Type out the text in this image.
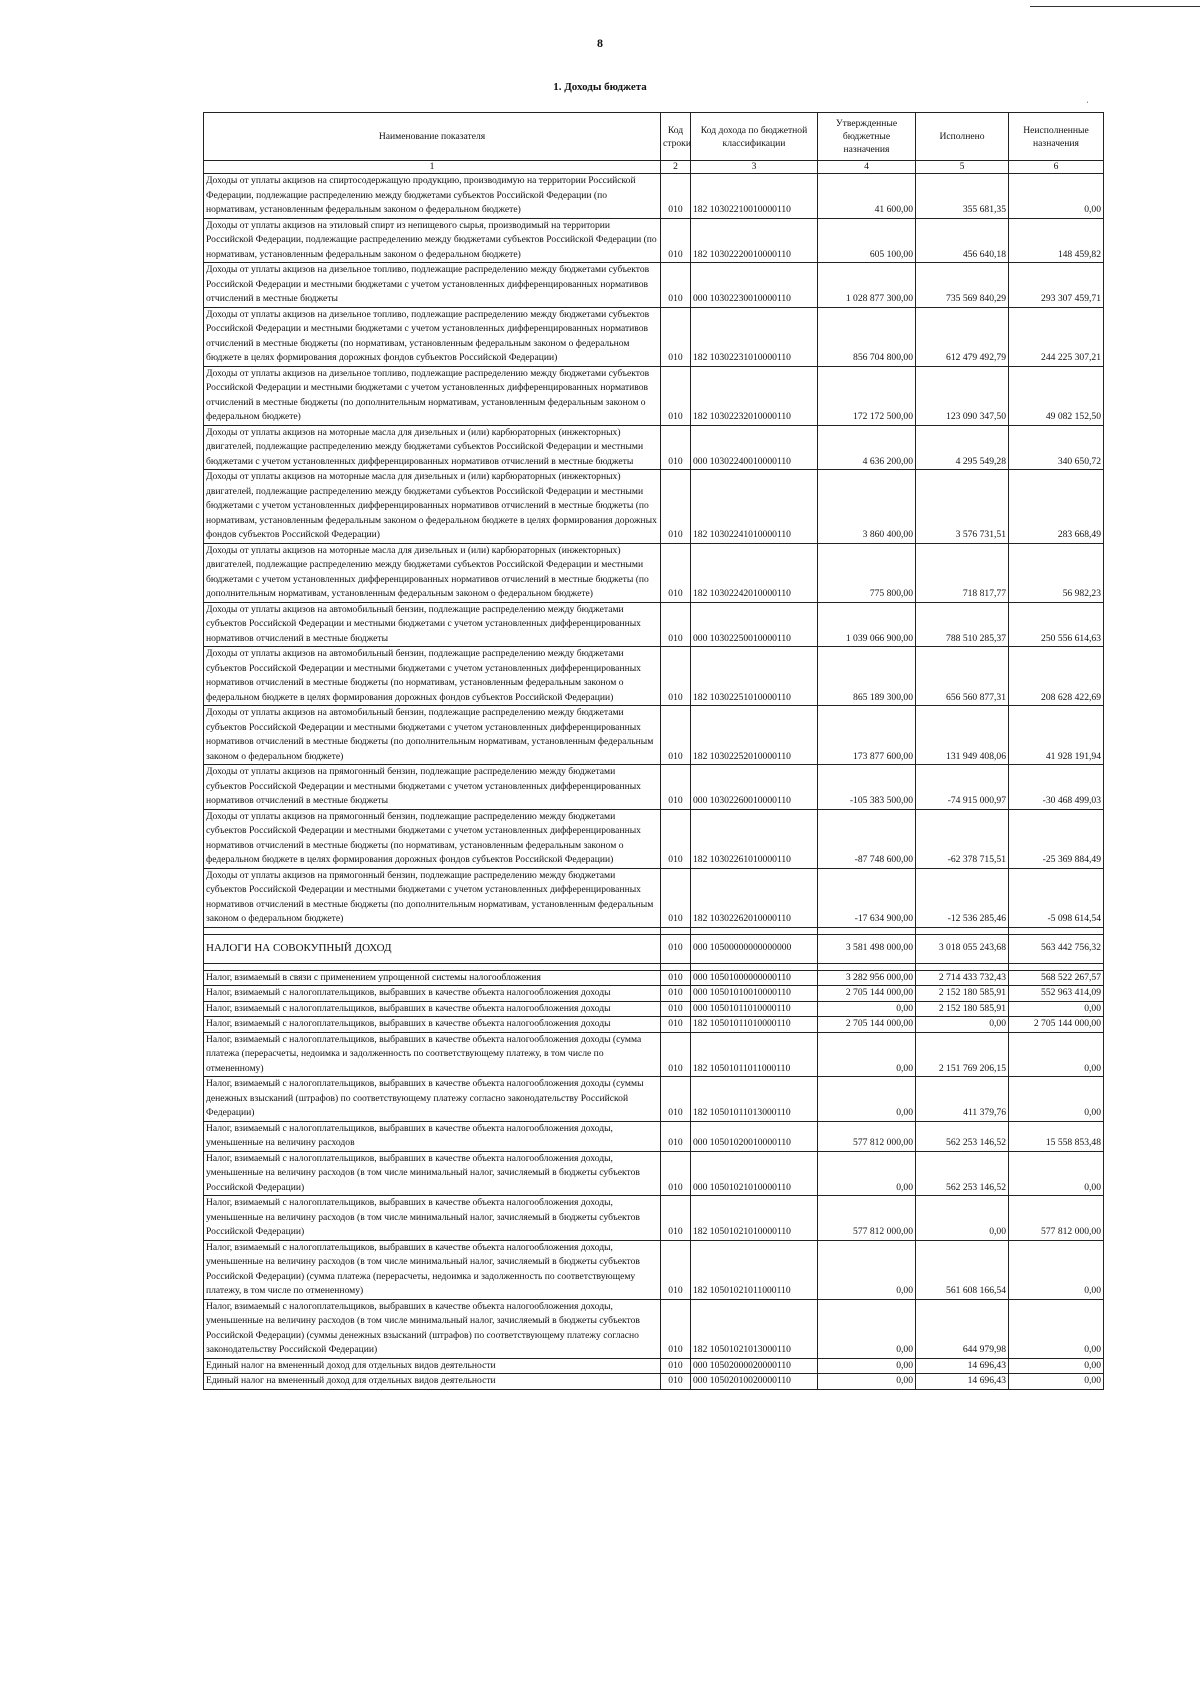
8
1. Доходы бюджета
ˌ
Наименование показателя	Код строки	Код дохода по бюджетной классификации	Утвержденные бюджетные назначения	Исполнено	Неисполненные назначения
1	2	3	4	5	6
Доходы от уплаты акцизов на спиртосодержащую продукцию, производимую на территории Российской Федерации, подлежащие распределению между бюджетами субъектов Российской Федерации (по нормативам, установленным федеральным законом о федеральном бюджете)	010	182 10302210010000110	41 600,00	355 681,35	0,00
Доходы от уплаты акцизов на этиловый спирт из непищевого сырья, производимый на территории Российской Федерации, подлежащие распределению между бюджетами субъектов Российской Федерации (по нормативам, установленным федеральным законом о федеральном бюджете)	010	182 10302220010000110	605 100,00	456 640,18	148 459,82
Доходы от уплаты акцизов на дизельное топливо, подлежащие распределению между бюджетами субъектов Российской Федерации и местными бюджетами с учетом установленных дифференцированных нормативов отчислений в местные бюджеты	010	000 10302230010000110	1 028 877 300,00	735 569 840,29	293 307 459,71
Доходы от уплаты акцизов на дизельное топливо, подлежащие распределению между бюджетами субъектов Российской Федерации и местными бюджетами с учетом установленных дифференцированных нормативов отчислений в местные бюджеты (по нормативам, установленным федеральным законом о федеральном бюджете в целях формирования дорожных фондов субъектов Российской Федерации)	010	182 10302231010000110	856 704 800,00	612 479 492,79	244 225 307,21
Доходы от уплаты акцизов на дизельное топливо, подлежащие распределению между бюджетами субъектов Российской Федерации и местными бюджетами с учетом установленных дифференцированных нормативов отчислений в местные бюджеты (по дополнительным нормативам, установленным федеральным законом о федеральном бюджете)	010	182 10302232010000110	172 172 500,00	123 090 347,50	49 082 152,50
Доходы от уплаты акцизов на моторные масла для дизельных и (или) карбюраторных (инжекторных) двигателей, подлежащие распределению между бюджетами субъектов Российской Федерации и местными бюджетами с учетом установленных дифференцированных нормативов отчислений в местные бюджеты	010	000 10302240010000110	4 636 200,00	4 295 549,28	340 650,72
Доходы от уплаты акцизов на моторные масла для дизельных и (или) карбюраторных (инжекторных) двигателей, подлежащие распределению между бюджетами субъектов Российской Федерации и местными бюджетами с учетом установленных дифференцированных нормативов отчислений в местные бюджеты (по нормативам, установленным федеральным законом о федеральном бюджете в целях формирования дорожных фондов субъектов Российской Федерации)	010	182 10302241010000110	3 860 400,00	3 576 731,51	283 668,49
Доходы от уплаты акцизов на моторные масла для дизельных и (или) карбюраторных (инжекторных) двигателей, подлежащие распределению между бюджетами субъектов Российской Федерации и местными бюджетами с учетом установленных дифференцированных нормативов отчислений в местные бюджеты (по дополнительным нормативам, установленным федеральным законом о федеральном бюджете)	010	182 10302242010000110	775 800,00	718 817,77	56 982,23
Доходы от уплаты акцизов на автомобильный бензин, подлежащие распределению между бюджетами субъектов Российской Федерации и местными бюджетами с учетом установленных дифференцированных нормативов отчислений в местные бюджеты	010	000 10302250010000110	1 039 066 900,00	788 510 285,37	250 556 614,63
Доходы от уплаты акцизов на автомобильный бензин, подлежащие распределению между бюджетами субъектов Российской Федерации и местными бюджетами с учетом установленных дифференцированных нормативов отчислений в местные бюджеты (по нормативам, установленным федеральным законом о федеральном бюджете в целях формирования дорожных фондов субъектов Российской Федерации)	010	182 10302251010000110	865 189 300,00	656 560 877,31	208 628 422,69
Доходы от уплаты акцизов на автомобильный бензин, подлежащие распределению между бюджетами субъектов Российской Федерации и местными бюджетами с учетом установленных дифференцированных нормативов отчислений в местные бюджеты (по дополнительным нормативам, установленным федеральным законом о федеральном бюджете)	010	182 10302252010000110	173 877 600,00	131 949 408,06	41 928 191,94
Доходы от уплаты акцизов на прямогонный бензин, подлежащие распределению между бюджетами субъектов Российской Федерации и местными бюджетами с учетом установленных дифференцированных нормативов отчислений в местные бюджеты	010	000 10302260010000110	-105 383 500,00	-74 915 000,97	-30 468 499,03
Доходы от уплаты акцизов на прямогонный бензин, подлежащие распределению между бюджетами субъектов Российской Федерации и местными бюджетами с учетом установленных дифференцированных нормативов отчислений в местные бюджеты (по нормативам, установленным федеральным законом о федеральном бюджете в целях формирования дорожных фондов субъектов Российской Федерации)	010	182 10302261010000110	-87 748 600,00	-62 378 715,51	-25 369 884,49
Доходы от уплаты акцизов на прямогонный бензин, подлежащие распределению между бюджетами субъектов Российской Федерации и местными бюджетами с учетом установленных дифференцированных нормативов отчислений в местные бюджеты (по дополнительным нормативам, установленным федеральным законом о федеральном бюджете)	010	182 10302262010000110	-17 634 900,00	-12 536 285,46	-5 098 614,54

НАЛОГИ НА СОВОКУПНЫЙ ДОХОД	010	000 10500000000000000	3 581 498 000,00	3 018 055 243,68	563 442 756,32

Налог, взимаемый в связи с применением упрощенной системы налогообложения	010	000 10501000000000110	3 282 956 000,00	2 714 433 732,43	568 522 267,57
Налог, взимаемый с налогоплательщиков, выбравших в качестве объекта налогообложения доходы	010	000 10501010010000110	2 705 144 000,00	2 152 180 585,91	552 963 414,09
Налог, взимаемый с налогоплательщиков, выбравших в качестве объекта налогообложения доходы	010	000 10501011010000110	0,00	2 152 180 585,91	0,00
Налог, взимаемый с налогоплательщиков, выбравших в качестве объекта налогообложения доходы	010	182 10501011010000110	2 705 144 000,00	0,00	2 705 144 000,00
Налог, взимаемый с налогоплательщиков, выбравших в качестве объекта налогообложения доходы (сумма платежа (перерасчеты, недоимка и задолженность по соответствующему платежу, в том числе по отмененному)	010	182 10501011011000110	0,00	2 151 769 206,15	0,00
Налог, взимаемый с налогоплательщиков, выбравших в качестве объекта налогообложения доходы (суммы денежных взысканий (штрафов) по соответствующему платежу согласно законодательству Российской Федерации)	010	182 10501011013000110	0,00	411 379,76	0,00
Налог, взимаемый с налогоплательщиков, выбравших в качестве объекта налогообложения доходы, уменьшенные на величину расходов	010	000 10501020010000110	577 812 000,00	562 253 146,52	15 558 853,48
Налог, взимаемый с налогоплательщиков, выбравших в качестве объекта налогообложения доходы, уменьшенные на величину расходов (в том числе минимальный налог, зачисляемый в бюджеты субъектов Российской Федерации)	010	000 10501021010000110	0,00	562 253 146,52	0,00
Налог, взимаемый с налогоплательщиков, выбравших в качестве объекта налогообложения доходы, уменьшенные на величину расходов (в том числе минимальный налог, зачисляемый в бюджеты субъектов Российской Федерации)	010	182 10501021010000110	577 812 000,00	0,00	577 812 000,00
Налог, взимаемый с налогоплательщиков, выбравших в качестве объекта налогообложения доходы, уменьшенные на величину расходов (в том числе минимальный налог, зачисляемый в бюджеты субъектов Российской Федерации) (сумма платежа (перерасчеты, недоимка и задолженность по соответствующему платежу, в том числе по отмененному)	010	182 10501021011000110	0,00	561 608 166,54	0,00
Налог, взимаемый с налогоплательщиков, выбравших в качестве объекта налогообложения доходы, уменьшенные на величину расходов (в том числе минимальный налог, зачисляемый в бюджеты субъектов Российской Федерации) (суммы денежных взысканий (штрафов) по соответствующему платежу согласно законодательству Российской Федерации)	010	182 10501021013000110	0,00	644 979,98	0,00
Единый налог на вмененный доход для отдельных видов деятельности	010	000 10502000020000110	0,00	14 696,43	0,00
Единый налог на вмененный доход для отдельных видов деятельности	010	000 10502010020000110	0,00	14 696,43	0,00
